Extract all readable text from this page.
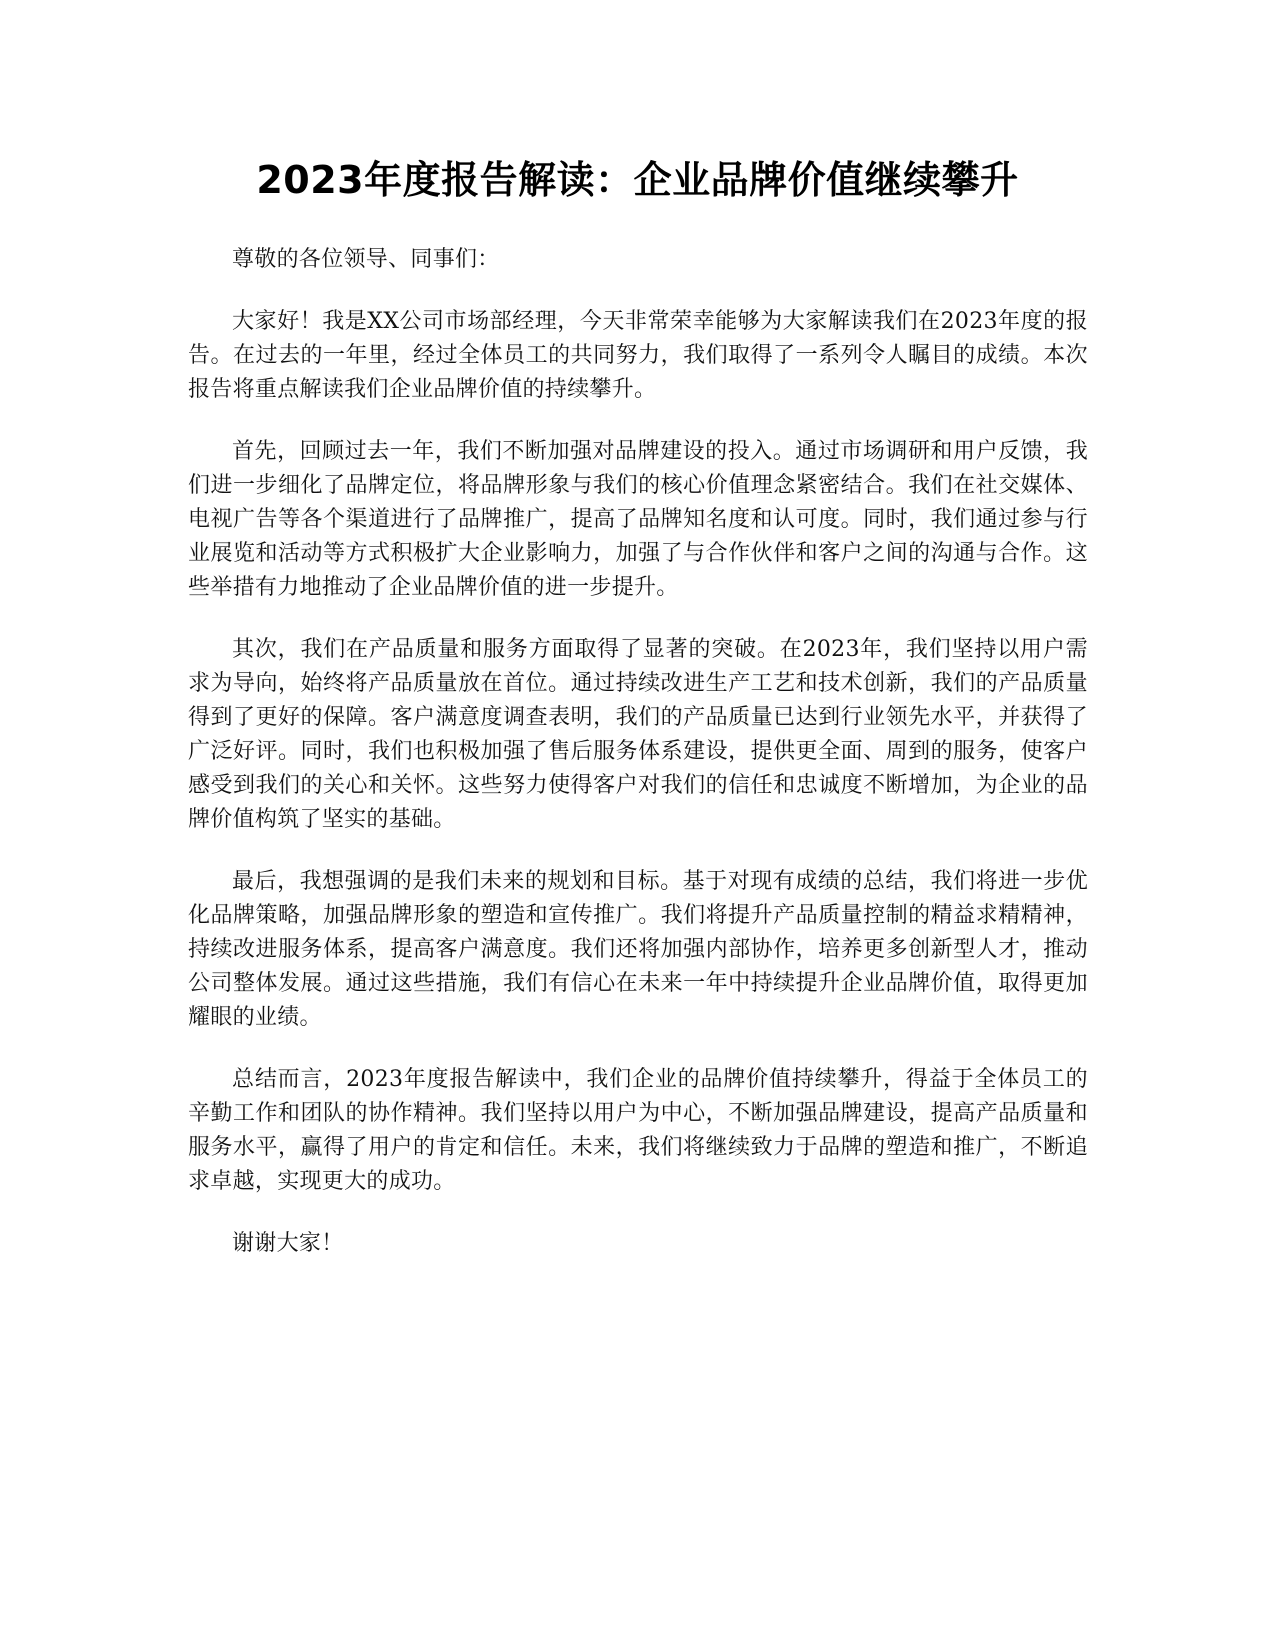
2023年度报告解读：企业品牌价值继续攀升

尊敬的各位领导、同事们：

大家好！我是XX公司市场部经理，今天非常荣幸能够为大家解读我们在2023年度的报告。在过去的一年里，经过全体员工的共同努力，我们取得了一系列令人瞩目的成绩。本次报告将重点解读我们企业品牌价值的持续攀升。

首先，回顾过去一年，我们不断加强对品牌建设的投入。通过市场调研和用户反馈，我们进一步细化了品牌定位，将品牌形象与我们的核心价值理念紧密结合。我们在社交媒体、电视广告等各个渠道进行了品牌推广，提高了品牌知名度和认可度。同时，我们通过参与行业展览和活动等方式积极扩大企业影响力，加强了与合作伙伴和客户之间的沟通与合作。这些举措有力地推动了企业品牌价值的进一步提升。

其次，我们在产品质量和服务方面取得了显著的突破。在2023年，我们坚持以用户需求为导向，始终将产品质量放在首位。通过持续改进生产工艺和技术创新，我们的产品质量得到了更好的保障。客户满意度调查表明，我们的产品质量已达到行业领先水平，并获得了广泛好评。同时，我们也积极加强了售后服务体系建设，提供更全面、周到的服务，使客户感受到我们的关心和关怀。这些努力使得客户对我们的信任和忠诚度不断增加，为企业的品牌价值构筑了坚实的基础。

最后，我想强调的是我们未来的规划和目标。基于对现有成绩的总结，我们将进一步优化品牌策略，加强品牌形象的塑造和宣传推广。我们将提升产品质量控制的精益求精精神，持续改进服务体系，提高客户满意度。我们还将加强内部协作，培养更多创新型人才，推动公司整体发展。通过这些措施，我们有信心在未来一年中持续提升企业品牌价值，取得更加耀眼的业绩。

总结而言，2023年度报告解读中，我们企业的品牌价值持续攀升，得益于全体员工的辛勤工作和团队的协作精神。我们坚持以用户为中心，不断加强品牌建设，提高产品质量和服务水平，赢得了用户的肯定和信任。未来，我们将继续致力于品牌的塑造和推广，不断追求卓越，实现更大的成功。

谢谢大家！
